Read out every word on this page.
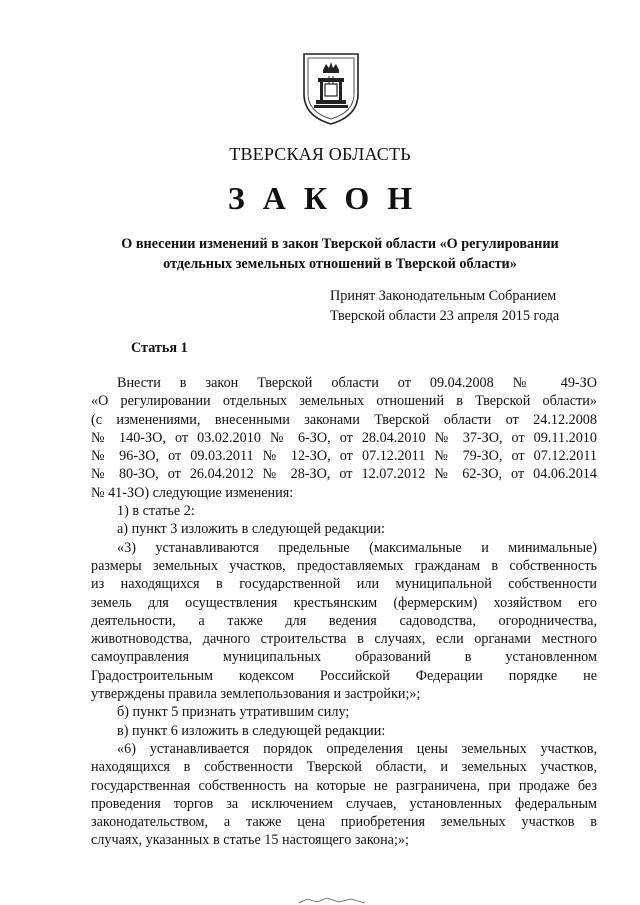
ТВЕРСКАЯ ОБЛАСТЬ
ЗАКОН
О внесении изменений в закон Тверской области «О регулировании
отдельных земельных отношений в Тверской области»
Принят Законодательным Собранием
Тверской области 23 апреля 2015 года
Статья 1

Внести в закон Тверской области от 09.04.2008 № 49-ЗО

«О регулировании отдельных земельных отношений в Тверской области»

(с изменениями, внесенными законами Тверской области от 24.12.2008

№ 140-ЗО, от 03.02.2010 № 6-ЗО, от 28.04.2010 № 37-ЗО, от 09.11.2010

№ 96-ЗО, от 09.03.2011 № 12-ЗО, от 07.12.2011 № 79-ЗО, от 07.12.2011

№ 80-ЗО, от 26.04.2012 № 28-ЗО, от 12.07.2012 № 62-ЗО, от 04.06.2014

№ 41-ЗО) следующие изменения:

1) в статье 2:

а) пункт 3 изложить в следующей редакции:

«3) устанавливаются предельные (максимальные и минимальные)

размеры земельных участков, предоставляемых гражданам в собственность

из находящихся в государственной или муниципальной собственности

земель для осуществления крестьянским (фермерским) хозяйством его

деятельности, а также для ведения садоводства, огородничества,

животноводства, дачного строительства в случаях, если органами местного

самоуправления муниципальных образований в установленном

Градостроительным кодексом Российской Федерации порядке не

утверждены правила землепользования и застройки;»;

б) пункт 5 признать утратившим силу;

в) пункт 6 изложить в следующей редакции:

«6) устанавливается порядок определения цены земельных участков,

находящихся в собственности Тверской области, и земельных участков,

государственная собственность на которые не разграничена, при продаже без

проведения торгов за исключением случаев, установленных федеральным

законодательством, а также цена приобретения земельных участков в

случаях, указанных в статье 15 настоящего закона;»;
